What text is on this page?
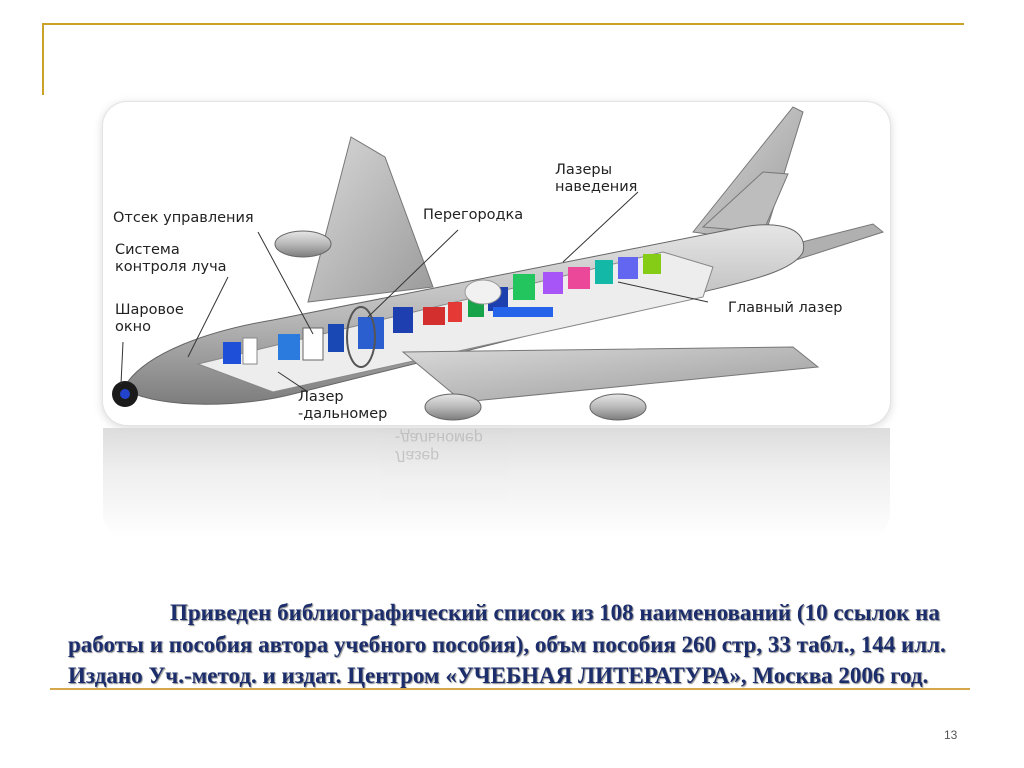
Отсек управления
Система
контроля луча
Шаровое
окно
Перегородка
Лазеры
наведения
Главный лазер
Лазер
-дальномер
Лазер
-дальномер
Приведен библиографический список из 108 наименований (10 ссылок на работы и пособия автора учебного пособия), объм пособия 260 стр, 33 табл., 144 илл. Издано Уч.-метод. и издат. Центром «УЧЕБНАЯ ЛИТЕРАТУРА», Москва 2006 год.
13
